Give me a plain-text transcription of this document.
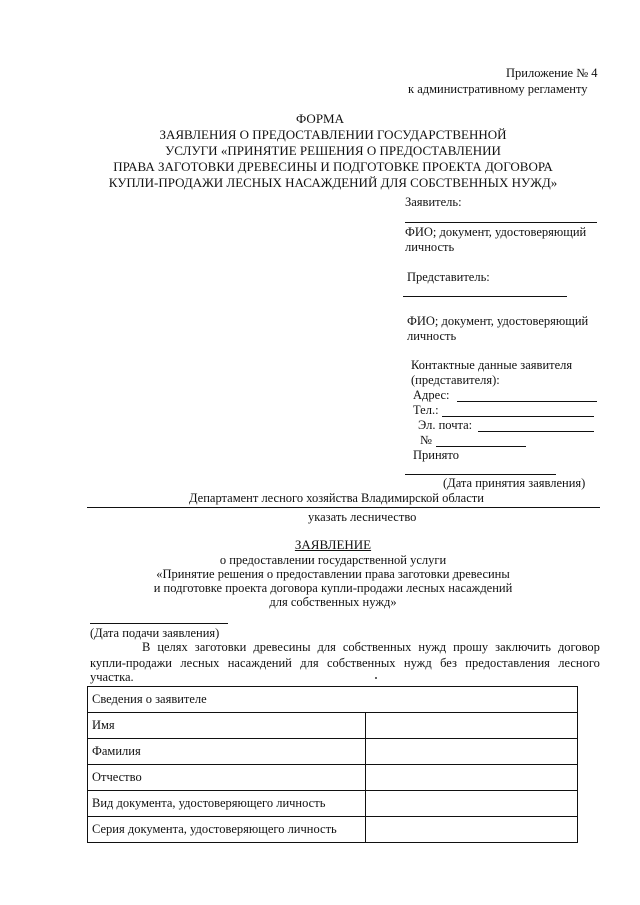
Приложение № 4
к административному регламенту
ФОРМА
ЗАЯВЛЕНИЯ О ПРЕДОСТАВЛЕНИИ ГОСУДАРСТВЕННОЙ
УСЛУГИ «ПРИНЯТИЕ РЕШЕНИЯ О ПРЕДОСТАВЛЕНИИ
ПРАВА ЗАГОТОВКИ ДРЕВЕСИНЫ И ПОДГОТОВКЕ ПРОЕКТА ДОГОВОРА
КУПЛИ-ПРОДАЖИ ЛЕСНЫХ НАСАЖДЕНИЙ ДЛЯ СОБСТВЕННЫХ НУЖД»
Заявитель:
ФИО; документ, удостоверяющий
личность
Представитель:
ФИО; документ, удостоверяющий
личность
Контактные данные заявителя
(представителя):
Адрес:
Тел.:
Эл. почта:
№
Принято
(Дата принятия заявления)
Департамент лесного хозяйства Владимирской области
указать лесничество
ЗАЯВЛЕНИЕ
о предоставлении государственной услуги
«Принятие решения о предоставлении права заготовки древесины
и подготовке проекта договора купли-продажи лесных насаждений
для собственных нужд»
(Дата подачи заявления)
В целях заготовки древесины для собственных нужд прошу заключить договор
купли-продажи лесных насаждений для собственных нужд без предоставления лесного
участка.
Сведения о заявителе	
Имя	
Фамилия	
Отчество	
Вид документа, удостоверяющего личность	
Серия документа, удостоверяющего личность	
